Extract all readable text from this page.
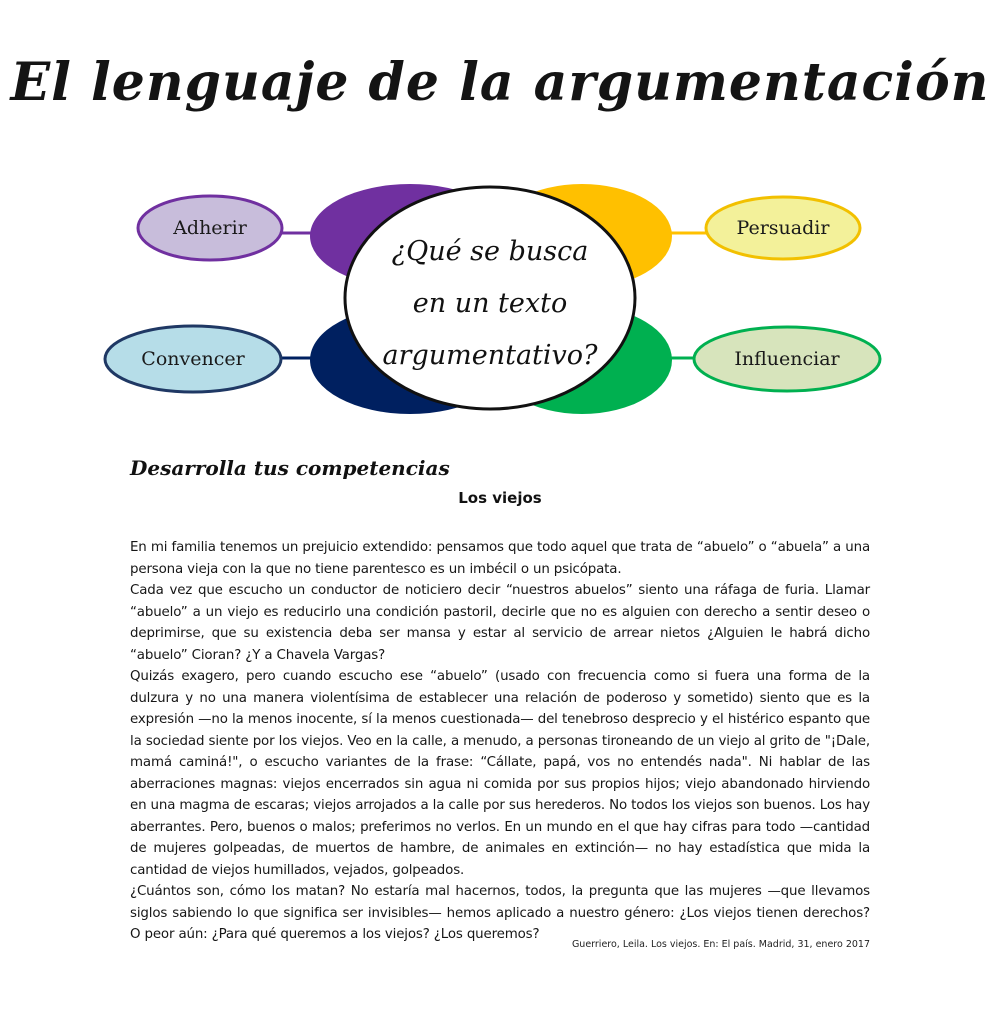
El lenguaje de la argumentación
Adherir	Persuadir
Convencer	Influenciar
¿Qué se busca
en un texto
argumentativo?
Desarrolla tus competencias
Los viejos

En mi familia tenemos un prejuicio extendido: pensamos que todo aquel que trata de “abuelo” o “abuela” a una persona vieja con la que no tiene parentesco es un imbécil o un psicópata.

Cada vez que escucho un conductor de noticiero decir “nuestros abuelos” siento una ráfaga de furia. Llamar “abuelo” a un viejo es reducirlo una condición pastoril, decirle que no es alguien con derecho a sentir deseo o deprimirse, que su existencia deba ser mansa y estar al servicio de arrear nietos ¿Alguien le habrá dicho “abuelo” Cioran? ¿Y a Chavela Vargas?

Quizás exagero, pero cuando escucho ese “abuelo” (usado con frecuencia como si fuera una forma de la dulzura y no una manera violentísima de establecer una relación de poderoso y sometido) siento que es la expresión —no la menos inocente, sí la menos cuestionada— del tenebroso desprecio y el histérico espanto que la sociedad siente por los viejos. Veo en la calle, a menudo, a personas tironeando de un viejo al grito de "¡Dale, mamá caminá!", o escucho variantes de la frase: “Cállate, papá, vos no entendés nada". Ni hablar de las aberraciones magnas: viejos encerrados sin agua ni comida por sus propios hijos; viejo abandonado hirviendo en una magma de escaras; viejos arrojados a la calle por sus herederos. No todos los viejos son buenos. Los hay aberrantes. Pero, buenos o malos; preferimos no verlos. En un mundo en el que hay cifras para todo —cantidad de mujeres golpeadas, de muertos de hambre, de animales en extinción— no hay estadística que mida la cantidad de viejos humillados, vejados, golpeados.

¿Cuántos son, cómo los matan? No estaría mal hacernos, todos, la pregunta que las mujeres —que llevamos siglos sabiendo lo que significa ser invisibles— hemos aplicado a nuestro género: ¿Los viejos tienen derechos? O peor aún: ¿Para qué queremos a los viejos? ¿Los queremos?

Guerriero, Leila. Los viejos. En: El país. Madrid, 31, enero 2017
